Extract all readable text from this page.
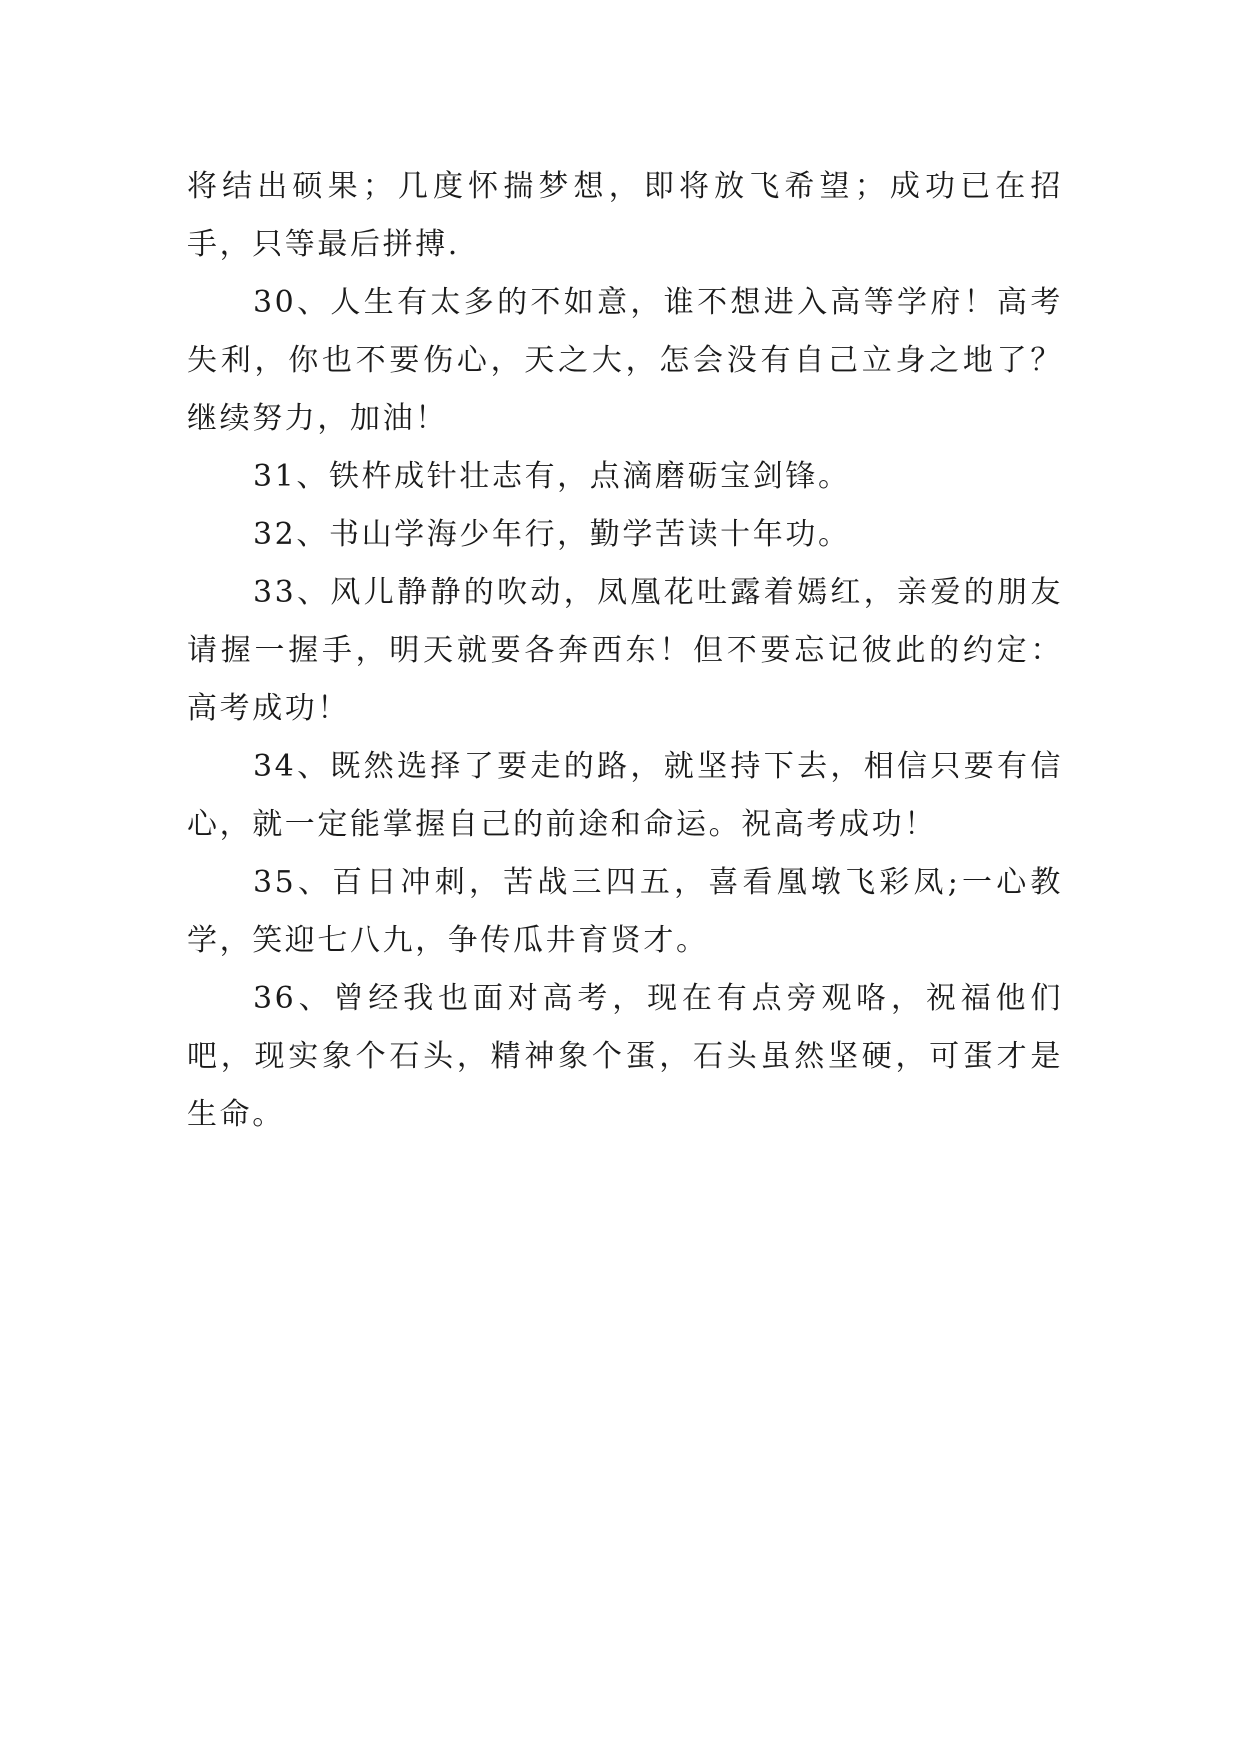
将结出硕果；几度怀揣梦想，即将放飞希望；成功已在招手，只等最后拼搏.

30、人生有太多的不如意，谁不想进入高等学府！高考失利，你也不要伤心，天之大，怎会没有自己立身之地了？继续努力，加油！

31、铁杵成针壮志有，点滴磨砺宝剑锋。

32、书山学海少年行，勤学苦读十年功。

33、风儿静静的吹动，凤凰花吐露着嫣红，亲爱的朋友请握一握手，明天就要各奔西东！但不要忘记彼此的约定：高考成功！

34、既然选择了要走的路，就坚持下去，相信只要有信心，就一定能掌握自己的前途和命运。祝高考成功！

35、百日冲刺，苦战三四五，喜看凰墩飞彩凤;一心教学，笑迎七八九，争传瓜井育贤才。

36、曾经我也面对高考，现在有点旁观咯，祝福他们吧，现实象个石头，精神象个蛋，石头虽然坚硬，可蛋才是生命。
